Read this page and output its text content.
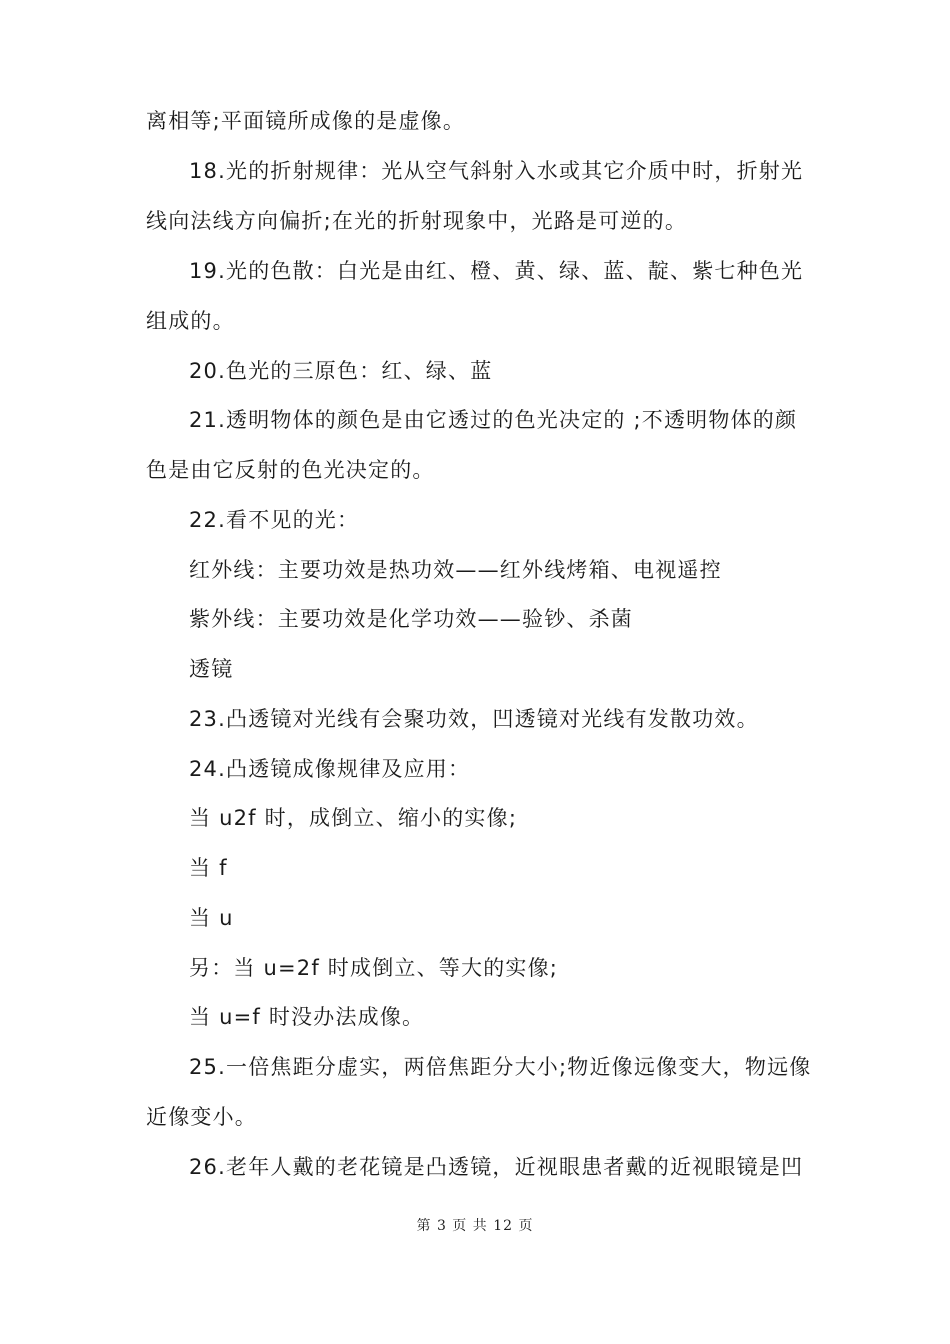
离相等;平面镜所成像的是虚像。
18.光的折射规律：光从空气斜射入水或其它介质中时，折射光
线向法线方向偏折;在光的折射现象中，光路是可逆的。
19.光的色散：白光是由红、橙、黄、绿、蓝、靛、紫七种色光
组成的。
20.色光的三原色：红、绿、蓝
21.透明物体的颜色是由它透过的色光决定的 ;不透明物体的颜
色是由它反射的色光决定的。
22.看不见的光：
红外线：主要功效是热功效——红外线烤箱、电视遥控
紫外线：主要功效是化学功效——验钞、杀菌
透镜
23.凸透镜对光线有会聚功效，凹透镜对光线有发散功效。
24.凸透镜成像规律及应用：
当 u2f 时，成倒立、缩小的实像;
当 f
当 u
另：当 u=2f 时成倒立、等大的实像;
当 u=f 时没办法成像。
25.一倍焦距分虚实，两倍焦距分大小;物近像远像变大，物远像
近像变小。
26.老年人戴的老花镜是凸透镜，近视眼患者戴的近视眼镜是凹
第 3 页 共 12 页
